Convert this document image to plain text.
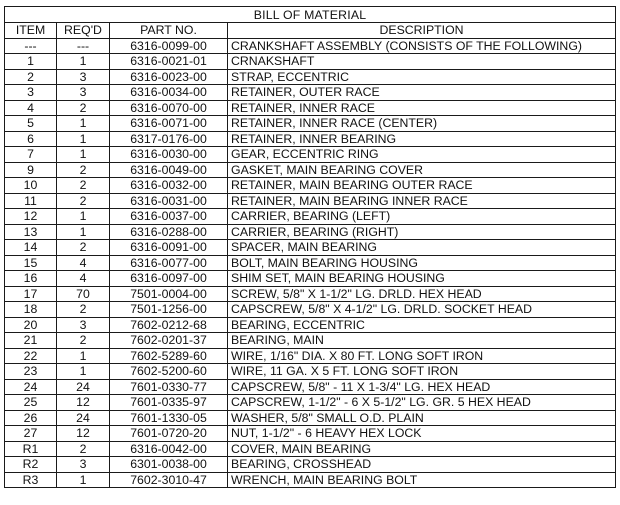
BILL OF MATERIAL			
ITEM	REQ'D	PART NO.	DESCRIPTION
---	---	6316-0099-00	CRANKSHAFT ASSEMBLY (CONSISTS OF THE FOLLOWING)
1	1	6316-0021-01	CRNAKSHAFT
2	3	6316-0023-00	STRAP, ECCENTRIC
3	3	6316-0034-00	RETAINER, OUTER RACE
4	2	6316-0070-00	RETAINER, INNER RACE
5	1	6316-0071-00	RETAINER, INNER RACE (CENTER)
6	1	6317-0176-00	RETAINER, INNER BEARING
7	1	6316-0030-00	GEAR, ECCENTRIC RING
9	2	6316-0049-00	GASKET, MAIN BEARING COVER
10	2	6316-0032-00	RETAINER, MAIN BEARING OUTER RACE
11	2	6316-0031-00	RETAINER, MAIN BEARING INNER RACE
12	1	6316-0037-00	CARRIER, BEARING (LEFT)
13	1	6316-0288-00	CARRIER, BEARING (RIGHT)
14	2	6316-0091-00	SPACER, MAIN BEARING
15	4	6316-0077-00	BOLT, MAIN BEARING HOUSING
16	4	6316-0097-00	SHIM SET, MAIN BEARING HOUSING
17	70	7501-0004-00	SCREW, 5/8" X 1-1/2" LG. DRLD. HEX HEAD
18	2	7501-1256-00	CAPSCREW, 5/8" X 4-1/2" LG. DRLD. SOCKET HEAD
20	3	7602-0212-68	BEARING, ECCENTRIC
21	2	7602-0201-37	BEARING, MAIN
22	1	7602-5289-60	WIRE, 1/16" DIA. X 80 FT. LONG SOFT IRON
23	1	7602-5200-60	WIRE, 11 GA. X 5 FT. LONG SOFT IRON
24	24	7601-0330-77	CAPSCREW, 5/8" - 11 X 1-3/4" LG. HEX HEAD
25	12	7601-0335-97	CAPSCREW, 1-1/2" - 6 X 5-1/2" LG. GR. 5 HEX HEAD
26	24	7601-1330-05	WASHER, 5/8" SMALL O.D. PLAIN
27	12	7601-0720-20	NUT, 1-1/2" - 6 HEAVY HEX LOCK
R1	2	6316-0042-00	COVER, MAIN BEARING
R2	3	6301-0038-00	BEARING, CROSSHEAD
R3	1	7602-3010-47	WRENCH, MAIN BEARING BOLT
